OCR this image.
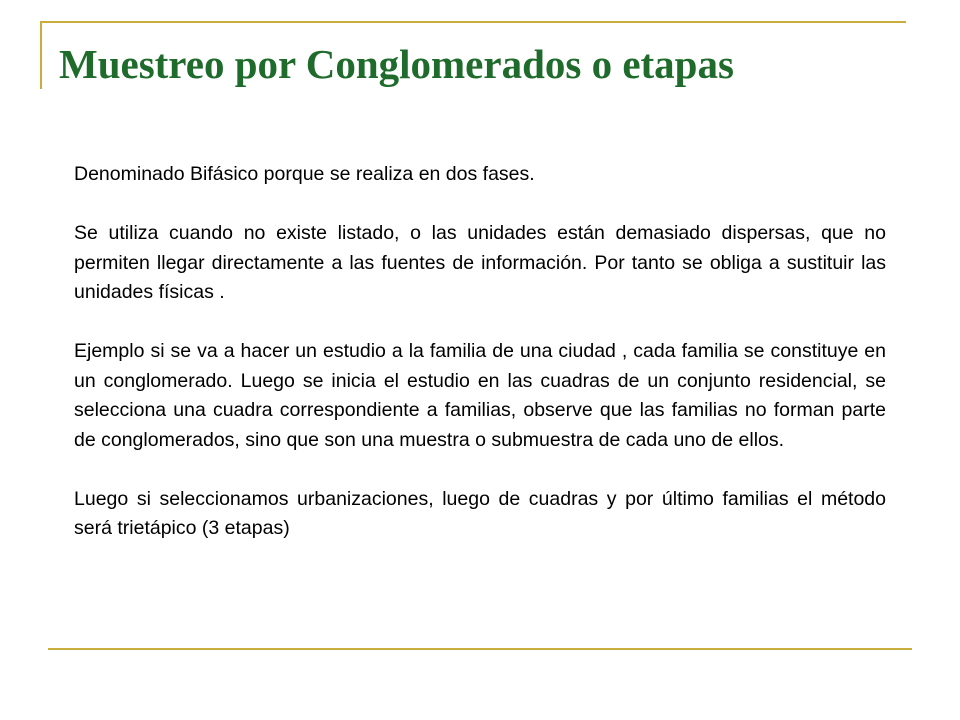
Muestreo por Conglomerados o etapas

Denominado Bifásico porque se realiza en dos fases.

Se utiliza cuando no existe listado, o las unidades están demasiado dispersas, que no permiten llegar directamente a las fuentes de información. Por tanto se obliga a sustituir las unidades físicas .

Ejemplo si se va a hacer un estudio a la familia de una ciudad , cada familia se constituye en un conglomerado. Luego se inicia el estudio en las cuadras de un conjunto residencial, se selecciona una cuadra correspondiente a familias, observe que las familias no forman parte de conglomerados, sino que son una muestra o submuestra de cada uno de ellos.

Luego si seleccionamos urbanizaciones, luego de cuadras y por último familias el método será trietápico (3 etapas)
